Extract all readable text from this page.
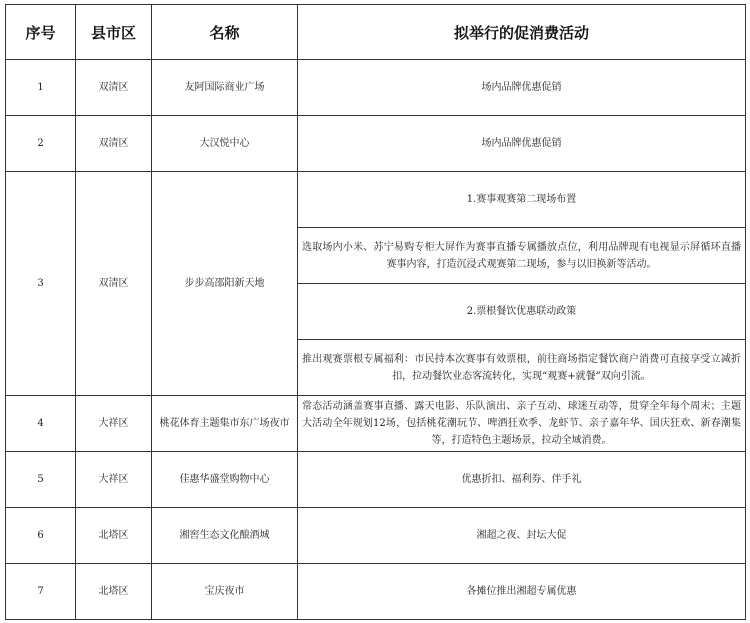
序号	县市区	名称	拟举行的促消费活动
1	双清区	友阿国际商业广场	场内品牌优惠促销
2	双清区	大汉悦中心	场内品牌优惠促销
3	双清区	步步高邵阳新天地	1.赛事观赛第二现场布置
			选取场内小米、苏宁易购专柜大屏作为赛事直播专属播放点位，利用品牌现有电视显示屏循环直播赛事内容，打造沉浸式观赛第二现场，参与以旧换新等活动。
			2.票根餐饮优惠联动政策
			推出观赛票根专属福利：市民持本次赛事有效票根，前往商场指定餐饮商户消费可直接享受立减折扣，拉动餐饮业态客流转化，实现“观赛+就餐”双向引流。
4	大祥区	桃花体育主题集市东广场夜市	常态活动涵盖赛事直播、露天电影、乐队演出、亲子互动、球迷互动等，贯穿全年每个周末；主题大活动全年规划12场，包括桃花潮玩节、啤酒狂欢季、龙虾节、亲子嘉年华、国庆狂欢、新春潮集等，打造特色主题场景，拉动全域消费。
5	大祥区	佳惠华盛堂购物中心	优惠折扣、福利券、伴手礼
6	北塔区	湘窖生态文化酿酒城	湘超之夜、封坛大促
7	北塔区	宝庆夜市	各摊位推出湘超专属优惠
